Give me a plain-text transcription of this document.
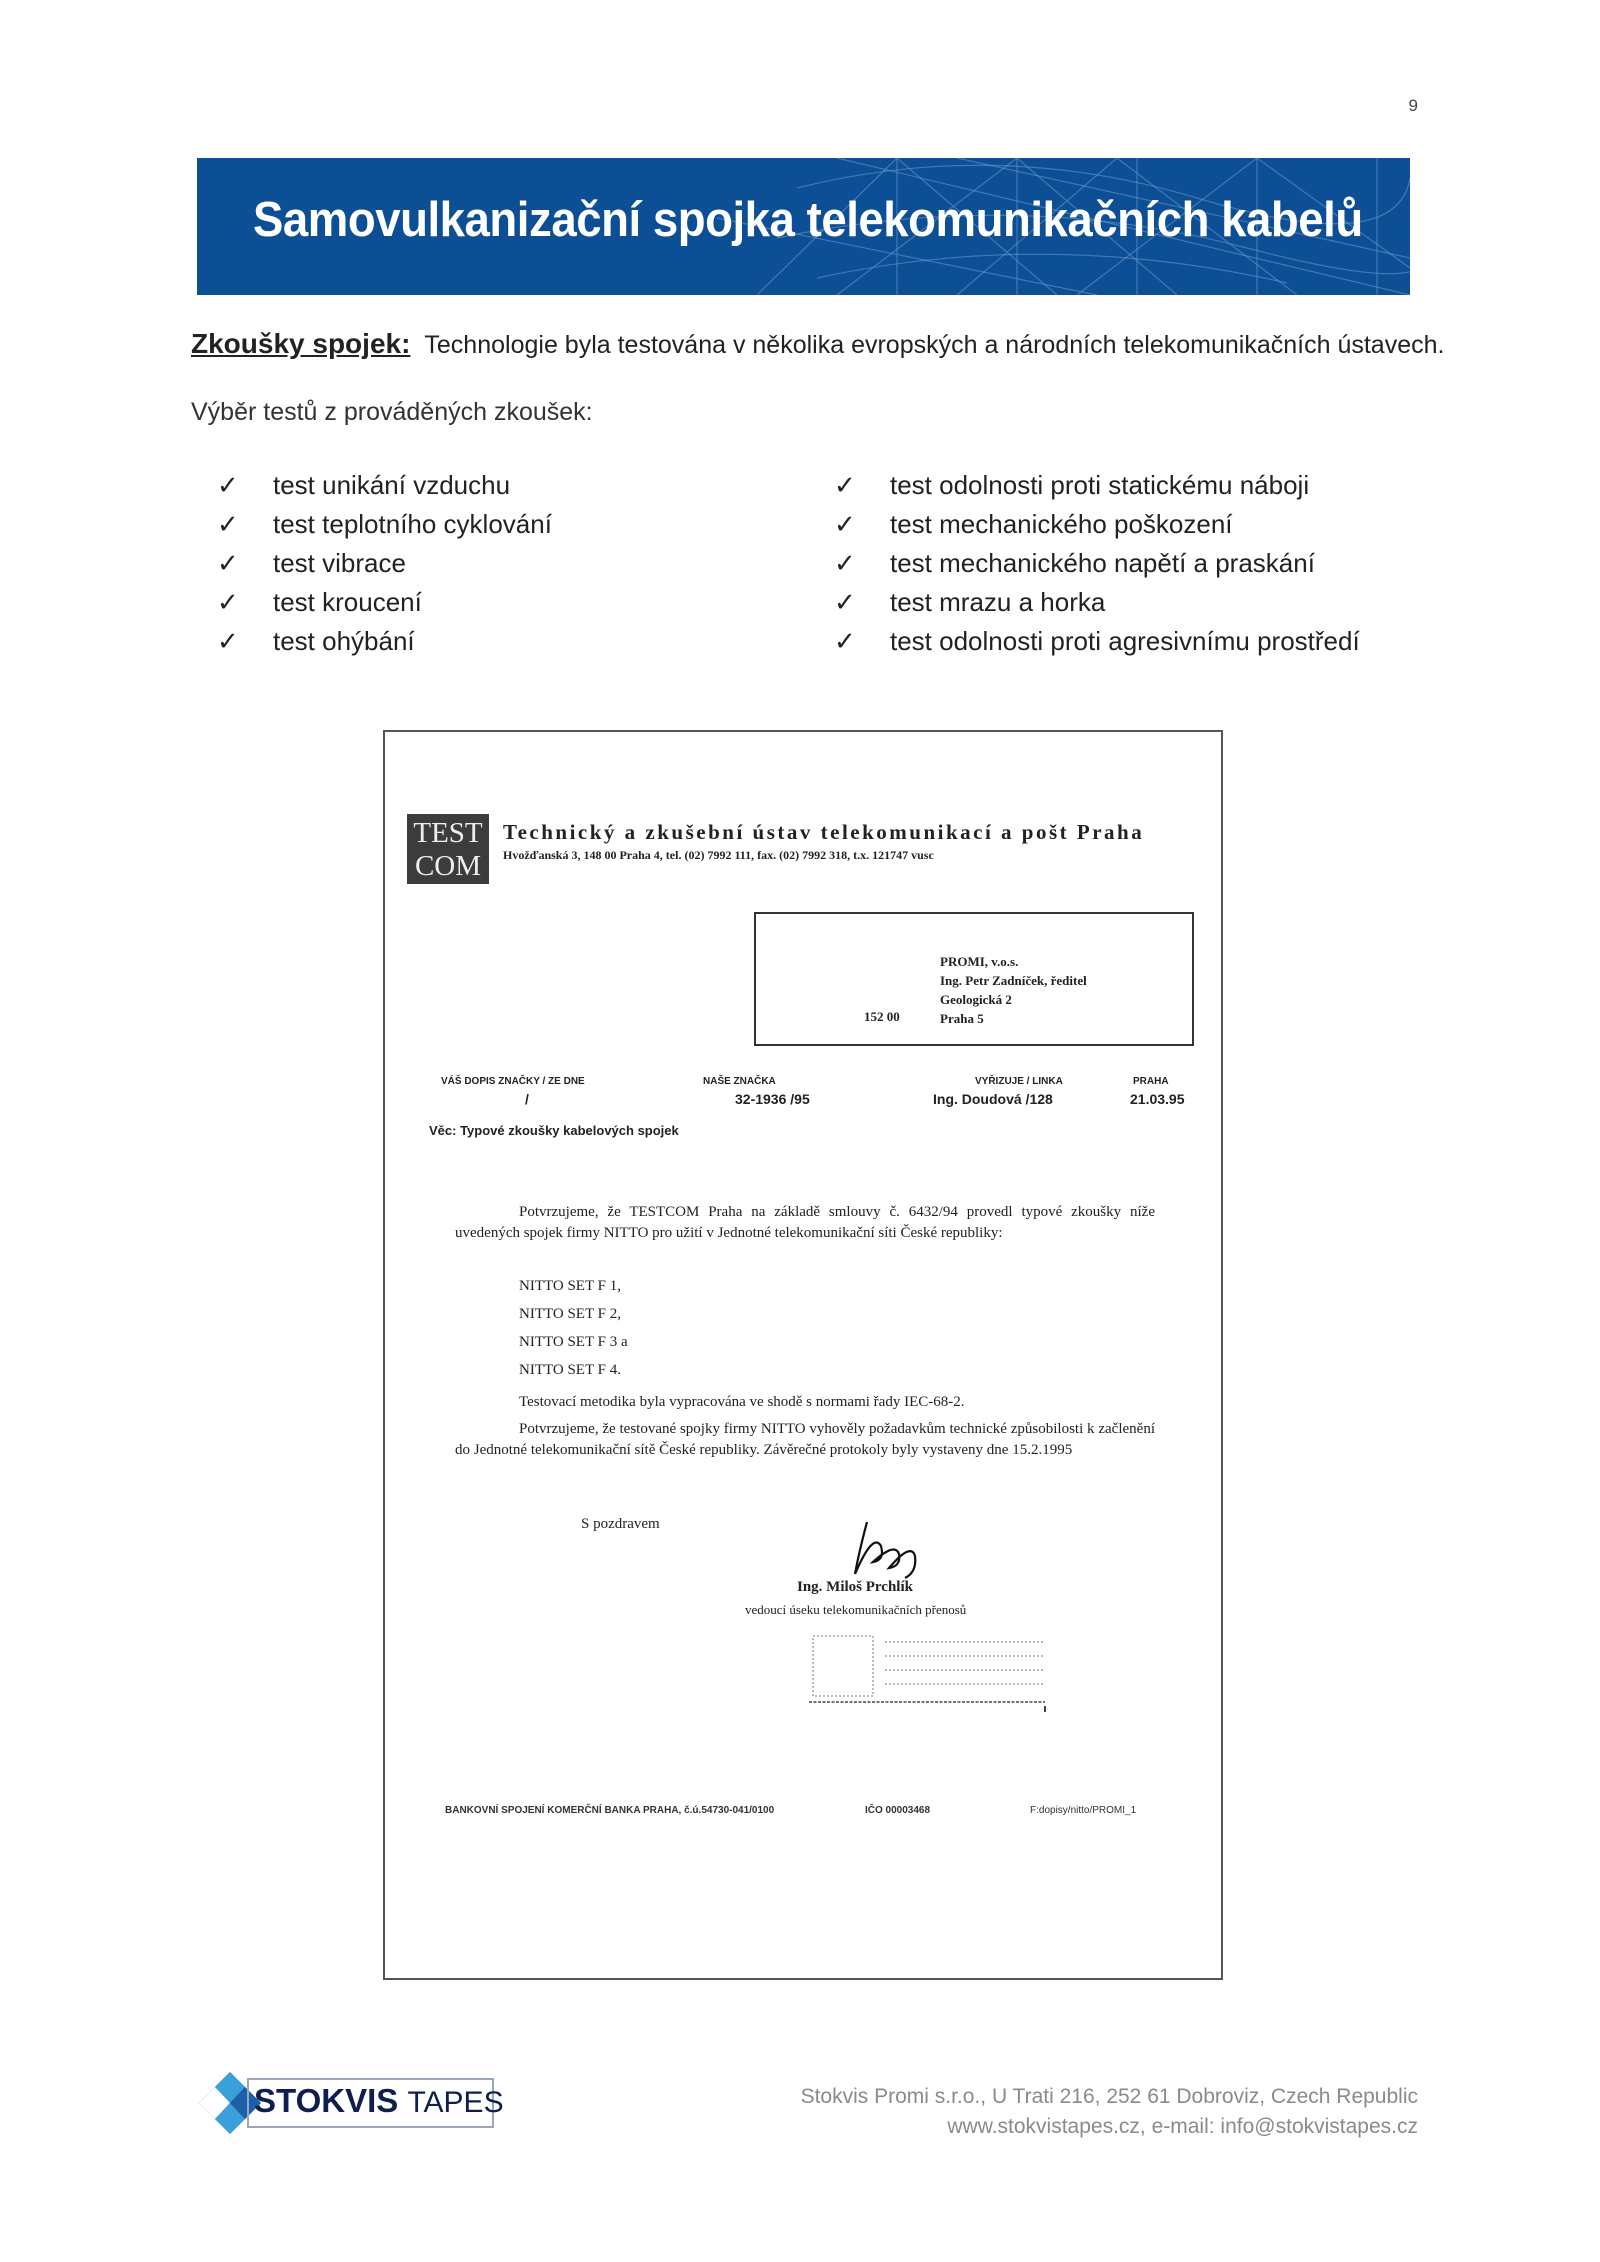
9
Samovulkanizační spojka telekomunikačních kabelů
Zkoušky spojek: Technologie byla testována v několika evropských a národních telekomunikačních ústavech.
Výběr testů z prováděných zkoušek:
✓ test unikání vzduchu
✓ test teplotního cyklování
✓ test vibrace
✓ test kroucení
✓ test ohýbání
✓ test odolnosti proti statickému náboji
✓ test mechanického poškození
✓ test mechanického napětí a praskání
✓ test mrazu a horka
✓ test odolnosti proti agresivnímu prostředí
TEST
COM
Technický a zkušební ústav telekomunikací a pošt Praha
Hvožďanská 3, 148 00 Praha 4, tel. (02) 7992 111, fax. (02) 7992 318, t.x. 121747 vusc
PROMI, v.o.s.
Ing. Petr Zadníček, ředitel
Geologická 2
Praha 5
152 00
VÁŠ DOPIS ZNAČKY / ZE DNE
/
NAŠE ZNAČKA
32-1936 /95
VYŘIZUJE / LINKA
Ing. Doudová /128
PRAHA
21.03.95
Věc: Typové zkoušky kabelových spojek
Potvrzujeme, že TESTCOM Praha na základě smlouvy č. 6432/94 provedl typové zkoušky níže uvedených spojek firmy NITTO pro užití v Jednotné telekomunikační síti České republiky:
NITTO SET F 1,
NITTO SET F 2,
NITTO SET F 3 a
NITTO SET F 4.
Testovací metodika byla vypracována ve shodě s normami řady IEC-68-2.
Potvrzujeme, že testované spojky firmy NITTO vyhověly požadavkům technické způsobilosti k začlenění do Jednotné telekomunikační sítě České republiky. Závěrečné protokoly byly vystaveny dne 15.2.1995
S pozdravem
Ing. Miloš Prchlík
vedoucí úseku telekomunikačních přenosů
BANKOVNÍ SPOJENÍ KOMERČNÍ BANKA PRAHA, č.ú.54730-041/0100	IČO 00003468	F:dopisy/nitto/PROMI_1
STOKVIS TAPES	Stokvis Promi s.r.o., U Trati 216, 252 61 Dobroviz, Czech Republic
www.stokvistapes.cz, e-mail: info@stokvistapes.cz
